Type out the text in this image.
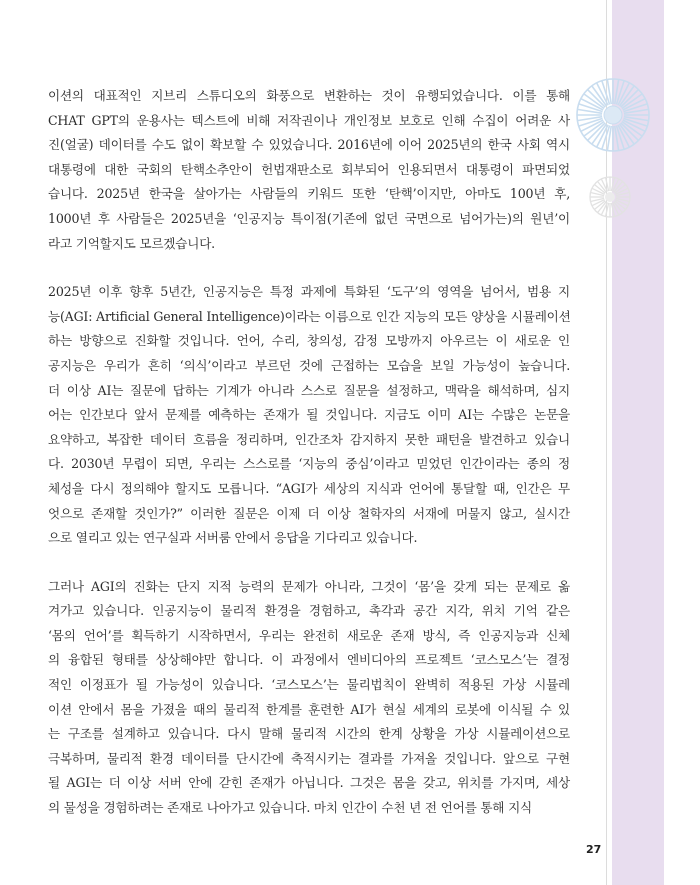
이션의 대표적인 지브리 스튜디오의 화풍으로 변환하는 것이 유행되었습니다. 이를 통해
CHAT GPT의 운용사는 텍스트에 비해 저작권이나 개인정보 보호로 인해 수집이 어려운 사
진(얼굴) 데이터를 수도 없이 확보할 수 있었습니다. 2016년에 이어 2025년의 한국 사회 역시
대통령에 대한 국회의 탄핵소추안이 헌법재판소로 회부되어 인용되면서 대통령이 파면되었
습니다. 2025년 한국을 살아가는 사람들의 키워드 또한 ‘탄핵’이지만, 아마도 100년 후,
1000년 후 사람들은 2025년을 ‘인공지능 특이점(기존에 없던 국면으로 넘어가는)의 원년’이
라고 기억할지도 모르겠습니다.
2025년 이후 향후 5년간, 인공지능은 특정 과제에 특화된 ‘도구’의 영역을 넘어서, 범용 지
능(AGI: Artificial General Intelligence)이라는 이름으로 인간 지능의 모든 양상을 시뮬레이션
하는 방향으로 진화할 것입니다. 언어, 수리, 창의성, 감정 모방까지 아우르는 이 새로운 인
공지능은 우리가 흔히 ‘의식’이라고 부르던 것에 근접하는 모습을 보일 가능성이 높습니다.
더 이상 AI는 질문에 답하는 기계가 아니라 스스로 질문을 설정하고, 맥락을 해석하며, 심지
어는 인간보다 앞서 문제를 예측하는 존재가 될 것입니다. 지금도 이미 AI는 수많은 논문을
요약하고, 복잡한 데이터 흐름을 정리하며, 인간조차 감지하지 못한 패턴을 발견하고 있습니
다. 2030년 무렵이 되면, 우리는 스스로를 ‘지능의 중심’이라고 믿었던 인간이라는 종의 정
체성을 다시 정의해야 할지도 모릅니다. “AGI가 세상의 지식과 언어에 통달할 때, 인간은 무
엇으로 존재할 것인가?” 이러한 질문은 이제 더 이상 철학자의 서재에 머물지 않고, 실시간
으로 열리고 있는 연구실과 서버룸 안에서 응답을 기다리고 있습니다.
그러나 AGI의 진화는 단지 지적 능력의 문제가 아니라, 그것이 ‘몸’을 갖게 되는 문제로 옮
겨가고 있습니다. 인공지능이 물리적 환경을 경험하고, 촉각과 공간 지각, 위치 기억 같은
‘몸의 언어’를 획득하기 시작하면서, 우리는 완전히 새로운 존재 방식, 즉 인공지능과 신체
의 융합된 형태를 상상해야만 합니다. 이 과정에서 엔비디아의 프로젝트 ‘코스모스’는 결정
적인 이정표가 될 가능성이 있습니다. ‘코스모스’는 물리법칙이 완벽히 적용된 가상 시뮬레
이션 안에서 몸을 가졌을 때의 물리적 한계를 훈련한 AI가 현실 세계의 로봇에 이식될 수 있
는 구조를 설계하고 있습니다. 다시 말해 물리적 시간의 한계 상황을 가상 시뮬레이션으로
극복하며, 물리적 환경 데이터를 단시간에 축적시키는 결과를 가져올 것입니다. 앞으로 구현
될 AGI는 더 이상 서버 안에 갇힌 존재가 아닙니다. 그것은 몸을 갖고, 위치를 가지며, 세상
의 물성을 경험하려는 존재로 나아가고 있습니다. 마치 인간이 수천 년 전 언어를 통해 지식
27
